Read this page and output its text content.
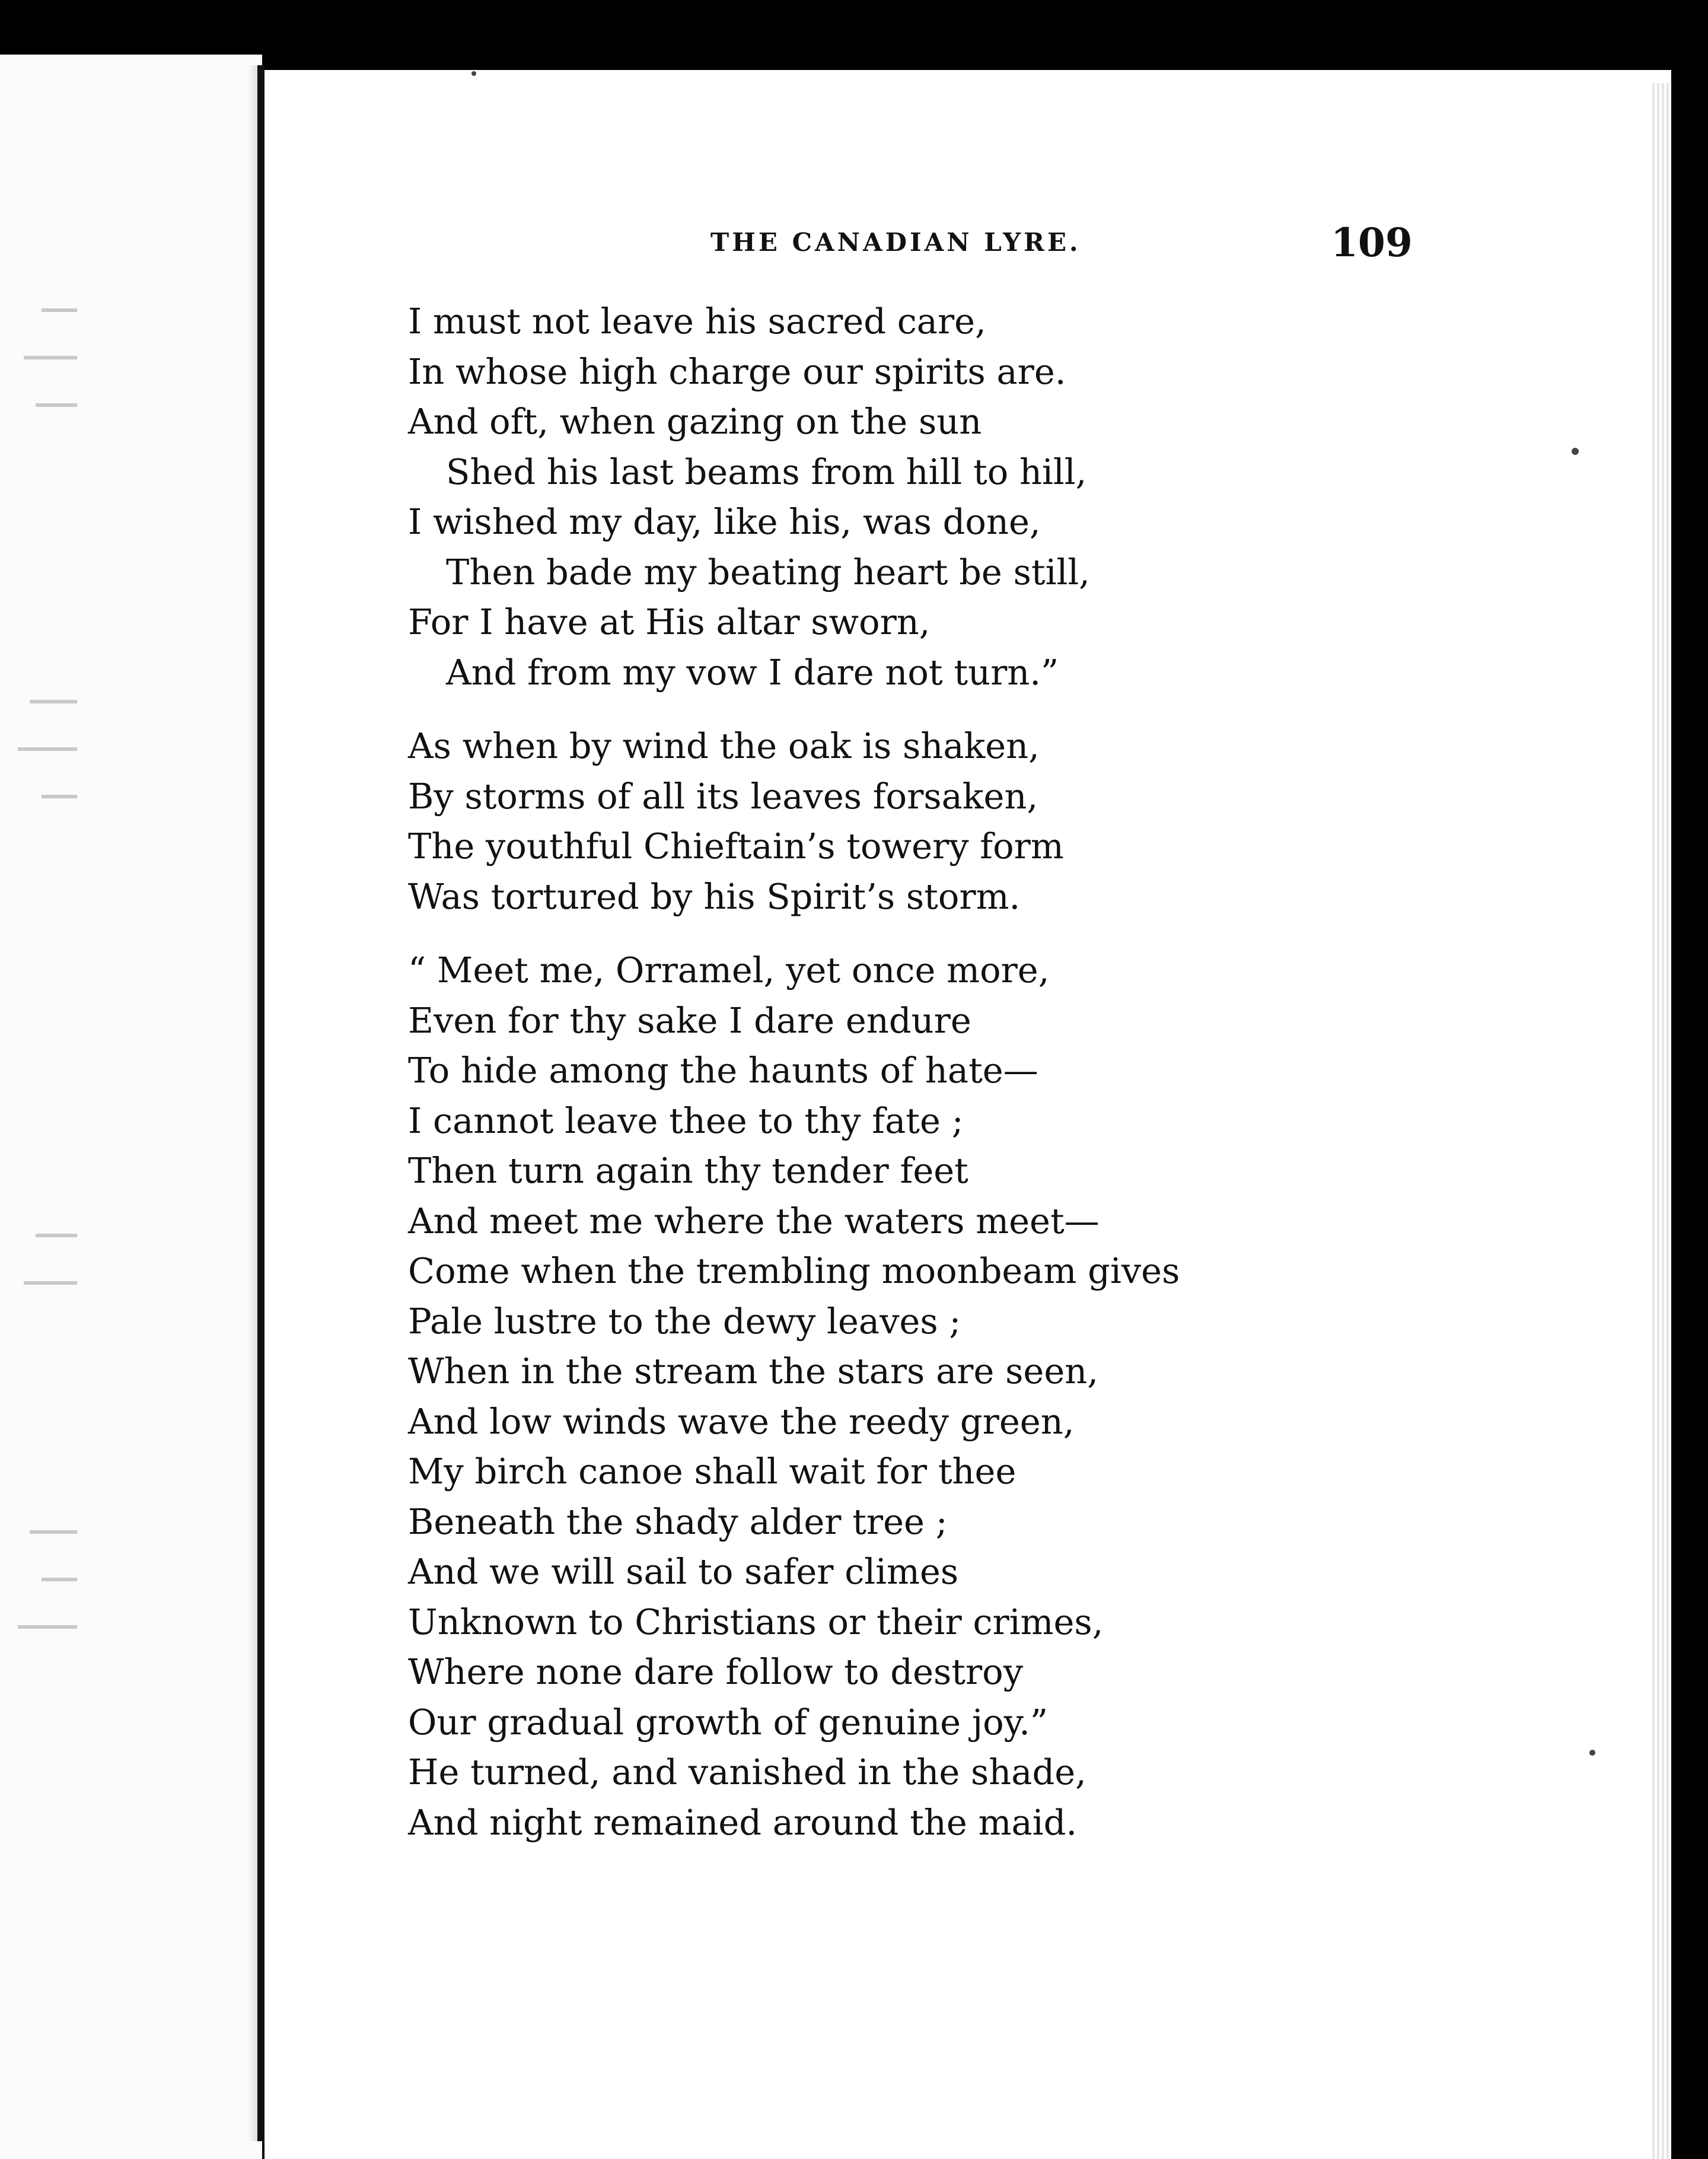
THE CANADIAN LYRE.	109
I must not leave his sacred care,
In whose high charge our spirits are.
And oft, when gazing on the sun
Shed his last beams from hill to hill,
I wished my day, like his, was done,
Then bade my beating heart be still,
For I have at His altar sworn,
And from my vow I dare not turn.”
As when by wind the oak is shaken,
By storms of all its leaves forsaken,
The youthful Chieftain’s towery form
Was tortured by his Spirit’s storm.
“ Meet me, Orramel, yet once more,
Even for thy sake I dare endure
To hide among the haunts of hate—
I cannot leave thee to thy fate ;
Then turn again thy tender feet
And meet me where the waters meet—
Come when the trembling moonbeam gives
Pale lustre to the dewy leaves ;
When in the stream the stars are seen,
And low winds wave the reedy green,
My birch canoe shall wait for thee
Beneath the shady alder tree ;
And we will sail to safer climes
Unknown to Christians or their crimes,
Where none dare follow to destroy
Our gradual growth of genuine joy.”
He turned, and vanished in the shade,
And night remained around the maid.
